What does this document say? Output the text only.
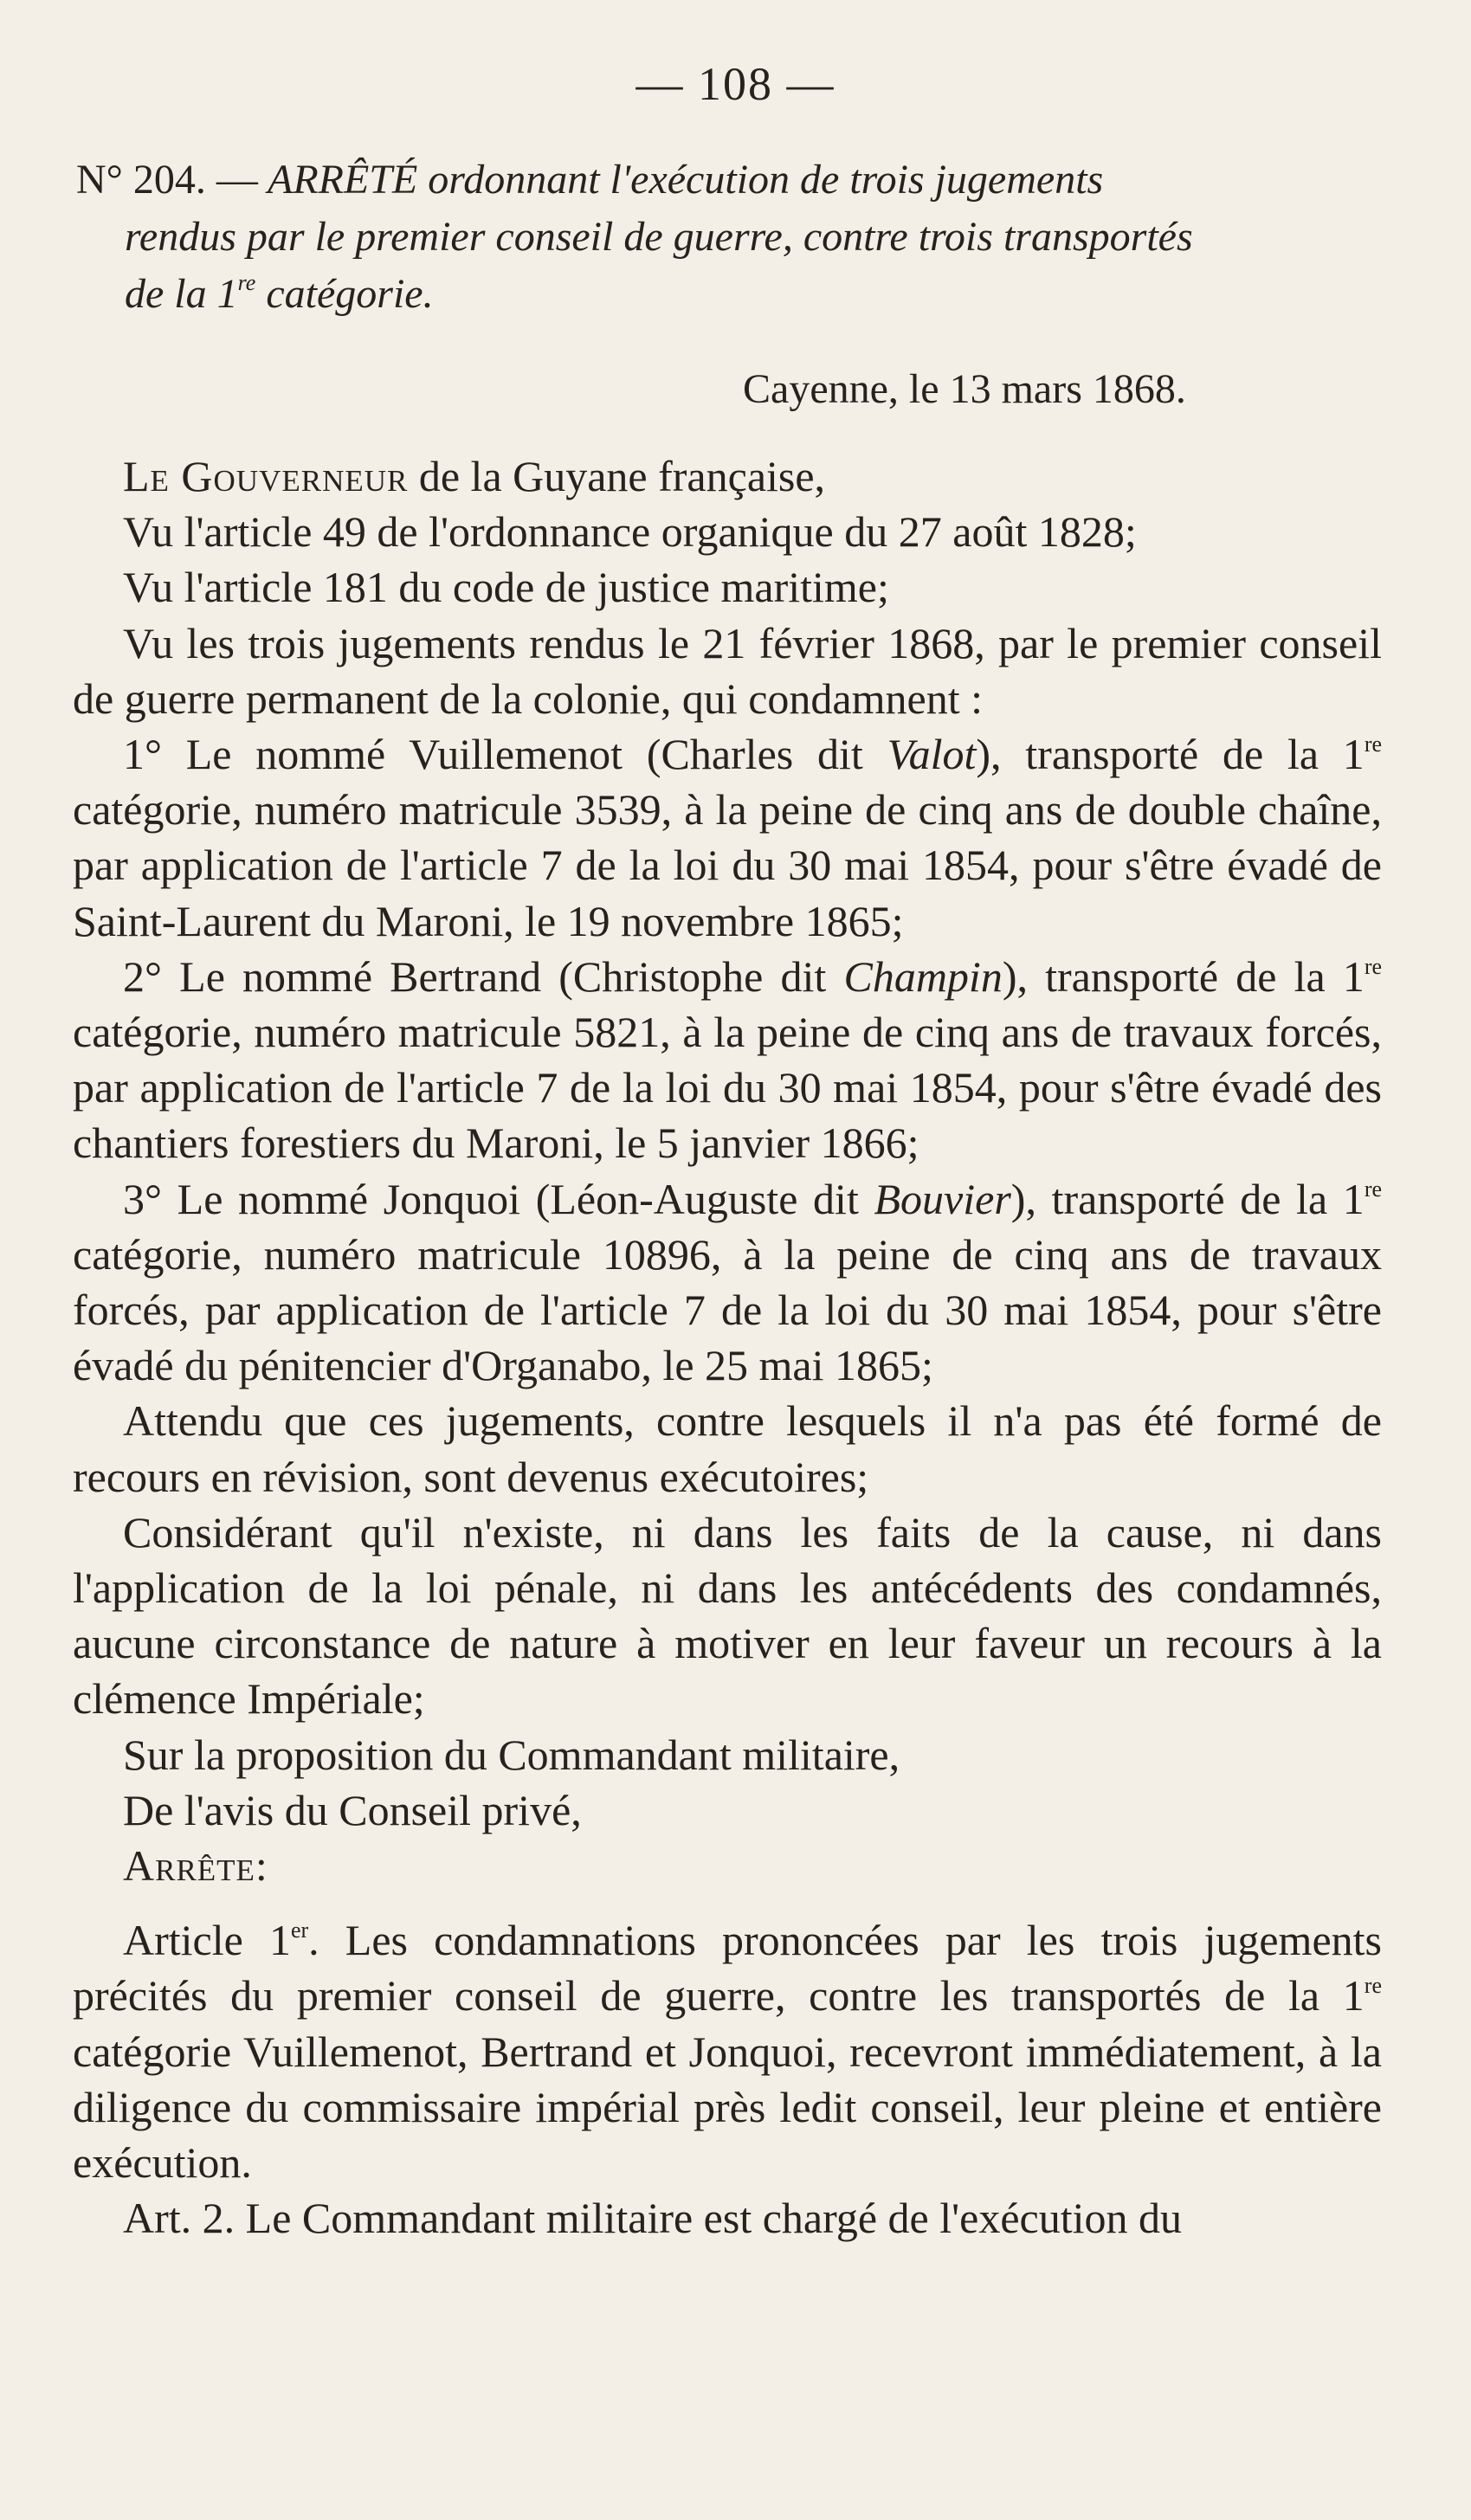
— 108 —
N° 204. — ARRÊTÉ ordonnant l'exécution de trois jugements
rendus par le premier conseil de guerre, contre trois transportés
de la 1re catégorie.
Cayenne, le 13 mars 1868.

Le Gouverneur de la Guyane française,

Vu l'article 49 de l'ordonnance organique du 27 août 1828;

Vu l'article 181 du code de justice maritime;

Vu les trois jugements rendus le 21 février 1868, par le premier conseil de guerre permanent de la colonie, qui condamnent :

1° Le nommé Vuillemenot (Charles dit Valot), transporté de la 1re catégorie, numéro matricule 3539, à la peine de cinq ans de double chaîne, par application de l'article 7 de la loi du 30 mai 1854, pour s'être évadé de Saint-Laurent du Maroni, le 19 novembre 1865;

2° Le nommé Bertrand (Christophe dit Champin), transporté de la 1re catégorie, numéro matricule 5821, à la peine de cinq ans de travaux forcés, par application de l'article 7 de la loi du 30 mai 1854, pour s'être évadé des chantiers forestiers du Maroni, le 5 janvier 1866;

3° Le nommé Jonquoi (Léon-Auguste dit Bouvier), transporté de la 1re catégorie, numéro matricule 10896, à la peine de cinq ans de travaux forcés, par application de l'article 7 de la loi du 30 mai 1854, pour s'être évadé du pénitencier d'Organabo, le 25 mai 1865;

Attendu que ces jugements, contre lesquels il n'a pas été formé de recours en révision, sont devenus exécutoires;

Considérant qu'il n'existe, ni dans les faits de la cause, ni dans l'application de la loi pénale, ni dans les antécédents des condamnés, aucune circonstance de nature à motiver en leur faveur un recours à la clémence Impériale;

Sur la proposition du Commandant militaire,

De l'avis du Conseil privé,

Arrête:

Article 1er. Les condamnations prononcées par les trois jugements précités du premier conseil de guerre, contre les transportés de la 1re catégorie Vuillemenot, Bertrand et Jonquoi, recevront immédiatement, à la diligence du commissaire impérial près ledit conseil, leur pleine et entière exécution.

Art. 2. Le Commandant militaire est chargé de l'exécution du
